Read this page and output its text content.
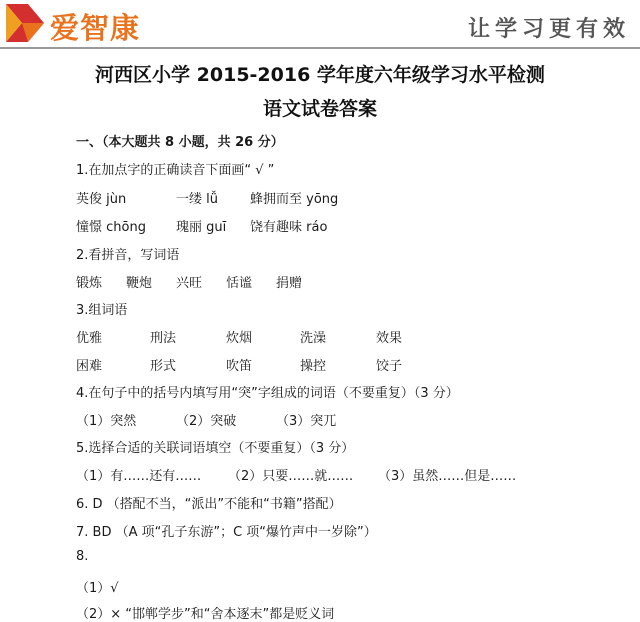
爱智康	让学习更有效
河西区小学 2015-2016 学年度六年级学习水平检测
语文试卷答案
一、（本大题共 8 小题，共 26 分）
1.在加点字的正确读音下面画“ √ ”
英俊 jùn	一缕 lǚ 蜂拥而至 yōng
憧憬 chōng 瑰丽 guī 饶有趣味 ráo
2.看拼音，写词语
锻炼 鞭炮 兴旺 恬谧 捐赠
3.组词语
优雅	刑法	炊烟	洗澡	效果
困难	形式	吹笛	操控	饺子
4.在句子中的括号内填写用“突”字组成的词语（不要重复）（3 分）
（1）突然	（2）突破	（3）突兀
5.选择合适的关联词语填空（不要重复）（3 分）
（1）有……还有…… （2）只要……就…… （3）虽然……但是……
6. D （搭配不当，“派出”不能和“书籍”搭配）
7. BD （A 项“孔子东游”；C 项“爆竹声中一岁除”）
8.
（1）√
（2）× “邯郸学步”和“舍本逐末”都是贬义词
